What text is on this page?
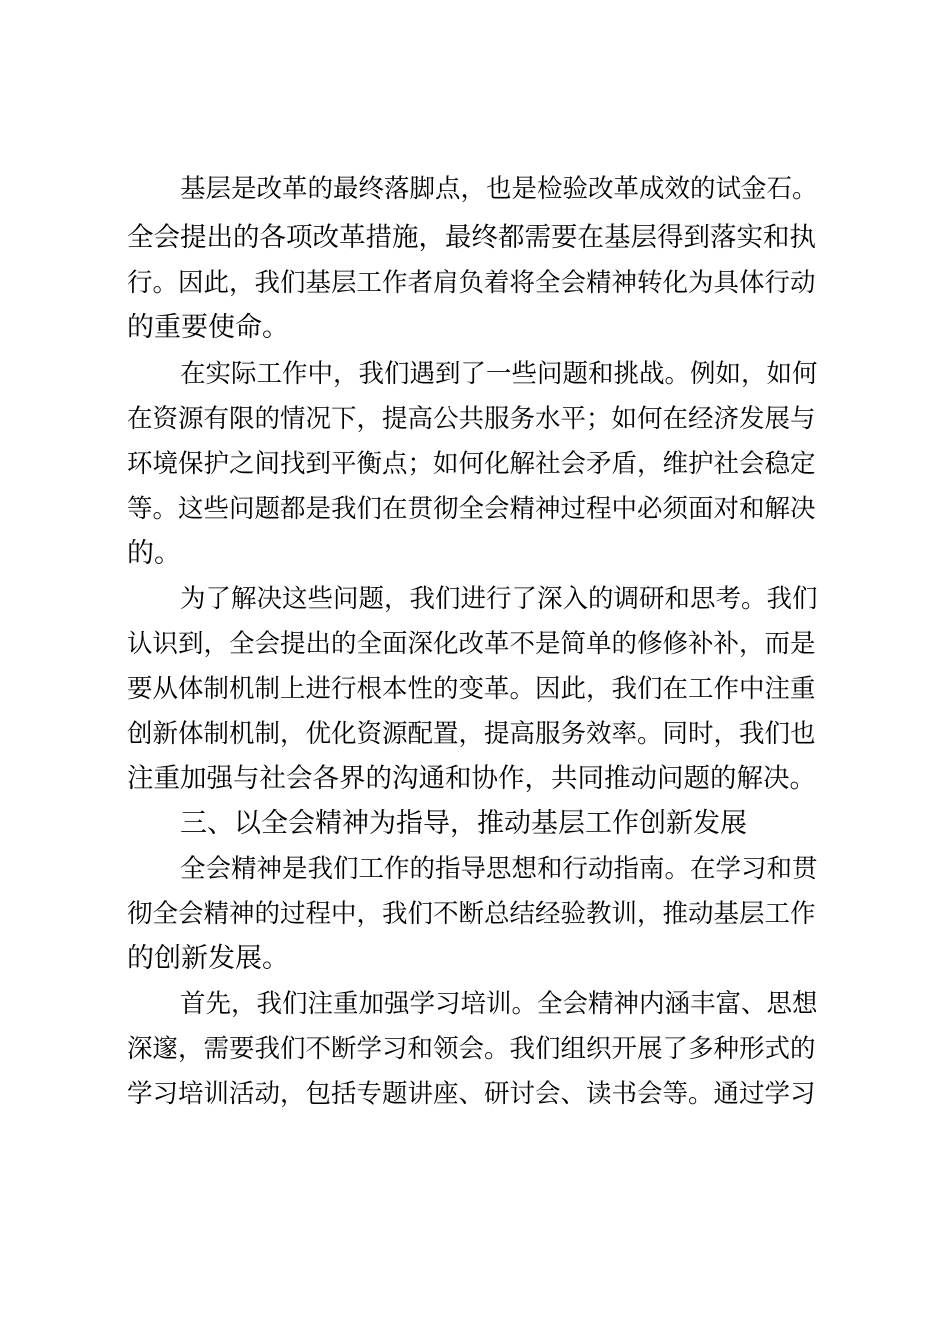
基层是改革的最终落脚点，也是检验改革成效的试金石。
全会提出的各项改革措施，最终都需要在基层得到落实和执
行。因此，我们基层工作者肩负着将全会精神转化为具体行动
的重要使命。
在实际工作中，我们遇到了一些问题和挑战。例如，如何
在资源有限的情况下，提高公共服务水平；如何在经济发展与
环境保护之间找到平衡点；如何化解社会矛盾，维护社会稳定
等。这些问题都是我们在贯彻全会精神过程中必须面对和解决
的。
为了解决这些问题，我们进行了深入的调研和思考。我们
认识到，全会提出的全面深化改革不是简单的修修补补，而是
要从体制机制上进行根本性的变革。因此，我们在工作中注重
创新体制机制，优化资源配置，提高服务效率。同时，我们也
注重加强与社会各界的沟通和协作，共同推动问题的解决。
三、以全会精神为指导，推动基层工作创新发展
全会精神是我们工作的指导思想和行动指南。在学习和贯
彻全会精神的过程中，我们不断总结经验教训，推动基层工作
的创新发展。
首先，我们注重加强学习培训。全会精神内涵丰富、思想
深邃，需要我们不断学习和领会。我们组织开展了多种形式的
学习培训活动，包括专题讲座、研讨会、读书会等。通过学习
